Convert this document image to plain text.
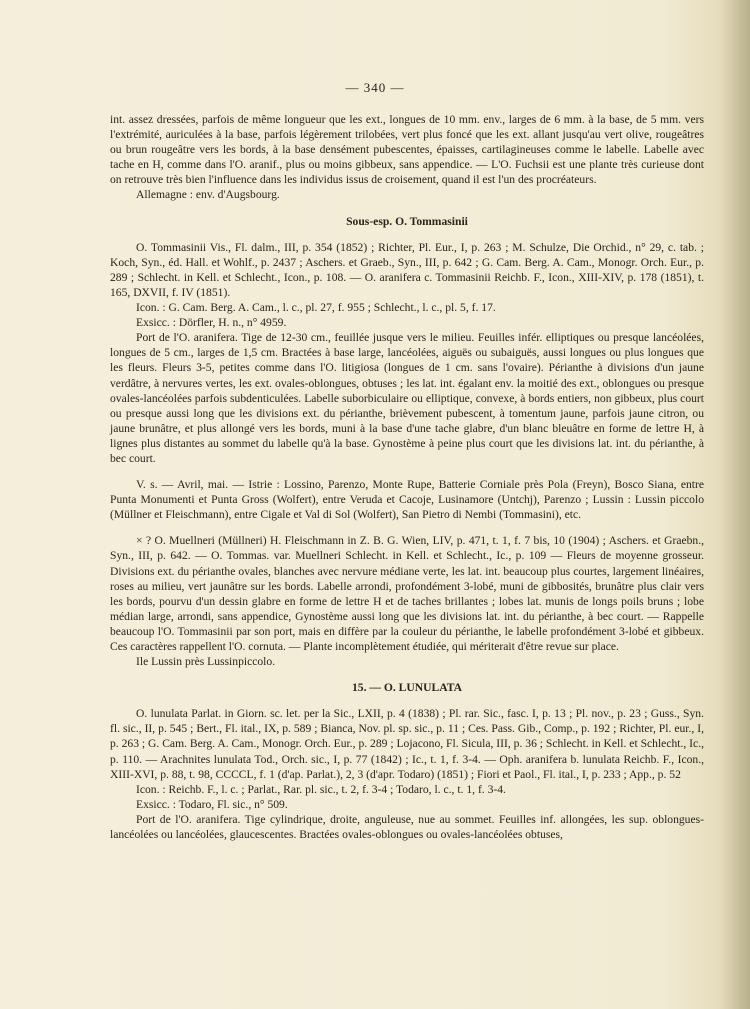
— 340 —

int. assez dressées, parfois de même longueur que les ext., longues de 10 mm. env., larges de 6 mm. à la base, de 5 mm. vers l'extrémité, auriculées à la base, parfois légèrement trilobées, vert plus foncé que les ext. allant jusqu'au vert olive, rougeâtres ou brun rougeâtre vers les bords, à la base densément pubescentes, épaisses, cartilagineuses comme le labelle. Labelle avec tache en H, comme dans l'O. aranif., plus ou moins gibbeux, sans appendice. — L'O. Fuchsii est une plante très curieuse dont on retrouve très bien l'influence dans les individus issus de croisement, quand il est l'un des procréateurs.

Allemagne : env. d'Augsbourg.

Sous-esp. O. Tommasinii

O. Tommasinii Vis., Fl. dalm., III, p. 354 (1852) ; Richter, Pl. Eur., I, p. 263 ; M. Schulze, Die Orchid., n° 29, c. tab. ; Koch, Syn., éd. Hall. et Wohlf., p. 2437 ; Aschers. et Graeb., Syn., III, p. 642 ; G. Cam. Berg. A. Cam., Monogr. Orch. Eur., p. 289 ; Schlecht. in Kell. et Schlecht., Icon., p. 108. — O. aranifera c. Tommasinii Reichb. F., Icon., XIII-XIV, p. 178 (1851), t. 165, DXVII, f. IV (1851).

Icon. : G. Cam. Berg. A. Cam., l. c., pl. 27, f. 955 ; Schlecht., l. c., pl. 5, f. 17.

Exsicc. : Dörfler, H. n., n° 4959.

Port de l'O. aranifera. Tige de 12-30 cm., feuillée jusque vers le milieu. Feuilles infér. elliptiques ou presque lancéolées, longues de 5 cm., larges de 1,5 cm. Bractées à base large, lancéolées, aiguës ou subaiguës, aussi longues ou plus longues que les fleurs. Fleurs 3-5, petites comme dans l'O. litigiosa (longues de 1 cm. sans l'ovaire). Périanthe à divisions d'un jaune verdâtre, à nervures vertes, les ext. ovales-oblongues, obtuses ; les lat. int. égalant env. la moitié des ext., oblongues ou presque ovales-lancéolées parfois subdenticulées. Labelle suborbiculaire ou elliptique, convexe, à bords entiers, non gibbeux, plus court ou presque aussi long que les divisions ext. du périanthe, brièvement pubescent, à tomentum jaune, parfois jaune citron, ou jaune brunâtre, et plus allongé vers les bords, muni à la base d'une tache glabre, d'un blanc bleuâtre en forme de lettre H, à lignes plus distantes au sommet du labelle qu'à la base. Gynostème à peine plus court que les divisions lat. int. du périanthe, à bec court.

V. s. — Avril, mai. — Istrie : Lossino, Parenzo, Monte Rupe, Batterie Corniale près Pola (Freyn), Bosco Siana, entre Punta Monumenti et Punta Gross (Wolfert), entre Veruda et Cacoje, Lusinamore (Untchj), Parenzo ; Lussin : Lussin piccolo (Müllner et Fleischmann), entre Cigale et Val di Sol (Wolfert), San Pietro di Nembi (Tommasini), etc.

× ? O. Muellneri (Müllneri) H. Fleischmann in Z. B. G. Wien, LIV, p. 471, t. 1, f. 7 bis, 10 (1904) ; Aschers. et Graebn., Syn., III, p. 642. — O. Tommas. var. Muellneri Schlecht. in Kell. et Schlecht., Ic., p. 109 — Fleurs de moyenne grosseur. Divisions ext. du périanthe ovales, blanches avec nervure médiane verte, les lat. int. beaucoup plus courtes, largement linéaires, roses au milieu, vert jaunâtre sur les bords. Labelle arrondi, profondément 3-lobé, muni de gibbosités, brunâtre plus clair vers les bords, pourvu d'un dessin glabre en forme de lettre H et de taches brillantes ; lobes lat. munis de longs poils bruns ; lobe médian large, arrondi, sans appendice, Gynostème aussi long que les divisions lat. int. du périanthe, à bec court. — Rappelle beaucoup l'O. Tommasinii par son port, mais en diffère par la couleur du périanthe, le labelle profondément 3-lobé et gibbeux. Ces caractères rappellent l'O. cornuta. — Plante incomplètement étudiée, qui mériterait d'être revue sur place.

Ile Lussin près Lussinpiccolo.

15. — O. LUNULATA

O. lunulata Parlat. in Giorn. sc. let. per la Sic., LXII, p. 4 (1838) ; Pl. rar. Sic., fasc. I, p. 13 ; Pl. nov., p. 23 ; Guss., Syn. fl. sic., II, p. 545 ; Bert., Fl. ital., IX, p. 589 ; Bianca, Nov. pl. sp. sic., p. 11 ; Ces. Pass. Gib., Comp., p. 192 ; Richter, Pl. eur., I, p. 263 ; G. Cam. Berg. A. Cam., Monogr. Orch. Eur., p. 289 ; Lojacono, Fl. Sicula, III, p. 36 ; Schlecht. in Kell. et Schlecht., Ic., p. 110. — Arachnites lunulata Tod., Orch. sic., I, p. 77 (1842) ; Ic., t. 1, f. 3-4. — Oph. aranifera b. lunulata Reichb. F., Icon., XIII-XVI, p. 88, t. 98, CCCCL, f. 1 (d'ap. Parlat.), 2, 3 (d'apr. Todaro) (1851) ; Fiori et Paol., Fl. ital., I, p. 233 ; App., p. 52

Icon. : Reichb. F., l. c. ; Parlat., Rar. pl. sic., t. 2, f. 3-4 ; Todaro, l. c., t. 1, f. 3-4.

Exsicc. : Todaro, Fl. sic., n° 509.

Port de l'O. aranifera. Tige cylindrique, droite, anguleuse, nue au sommet. Feuilles inf. allongées, les sup. oblongues-lancéolées ou lancéolées, glaucescentes. Bractées ovales-oblongues ou ovales-lancéolées obtuses,
